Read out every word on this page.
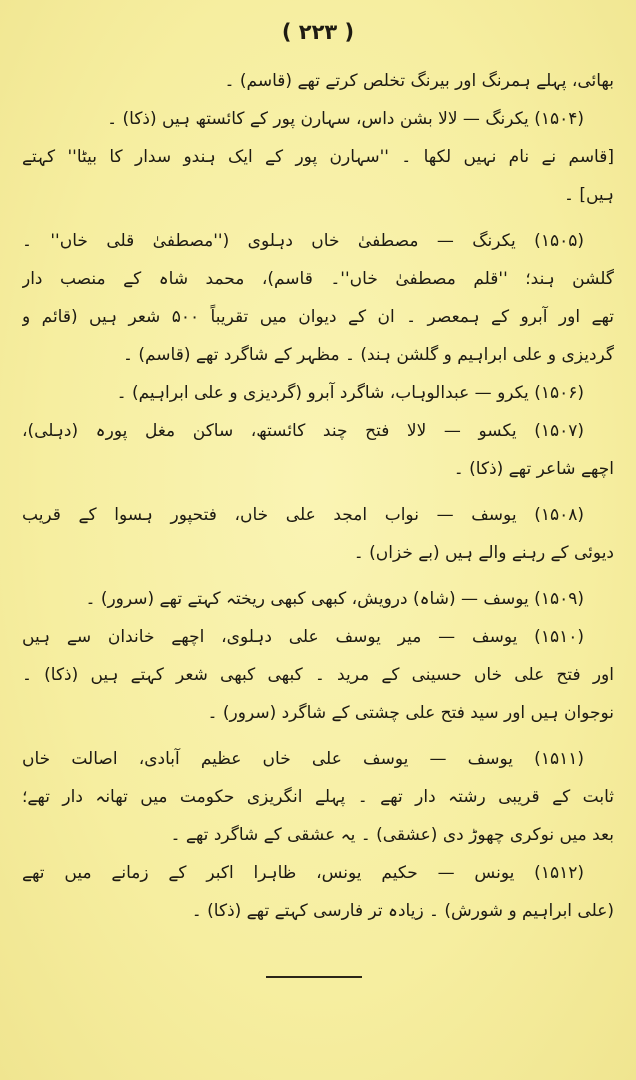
( ۲۲۳ )
بھائی، پہلے ہمرنگ اور بیرنگ تخلص کرتے تھے (قاسم) ۔
(۱۵۰۴) یکرنگ — لالا بشن داس، سہارن پور کے کائستھ ہیں (ذکا) ۔
[قاسم نے نام نہیں لکھا ۔ ''سہارن پور کے ایک ہندو سدار کا بیٹا'' کہتے
ہیں] ۔
(۱۵۰۵) یکرنگ — مصطفیٰ خاں دہلوی (''مصطفیٰ قلی خاں'' ۔
گلشن ہند؛ ''قلم مصطفیٰ خاں''۔ قاسم)، محمد شاہ کے منصب دار
تھے اور آبرو کے ہمعصر ۔ ان کے دیوان میں تقریباً ۵۰۰ شعر ہیں (قائم و
گردیزی و علی ابراہیم و گلشن ہند) ۔ مظہر کے شاگرد تھے (قاسم) ۔
(۱۵۰۶) یکرو — عبدالوہاب، شاگرد آبرو (گردیزی و علی ابراہیم) ۔
(۱۵۰۷) یکسو — لالا فتح چند کائستھ، ساکن مغل پورہ (دہلی)،
اچھے شاعر تھے (ذکا) ۔
(۱۵۰۸) یوسف — نواب امجد علی خاں، فتحپور ہسوا کے قریب
دیوئی کے رہنے والے ہیں (بے خزاں) ۔
(۱۵۰۹) یوسف — (شاہ) درویش، کبھی کبھی ریختہ کہتے تھے (سرور) ۔
(۱۵۱۰) یوسف — میر یوسف علی دہلوی، اچھے خاندان سے ہیں
اور فتح علی خاں حسینی کے مرید ۔ کبھی کبھی شعر کہتے ہیں (ذکا) ۔
نوجوان ہیں اور سید فتح علی چشتی کے شاگرد (سرور) ۔
(۱۵۱۱) یوسف — یوسف علی خاں عظیم آبادی، اصالت خاں
ثابت کے قریبی رشتہ دار تھے ۔ پہلے انگریزی حکومت میں تھانہ دار تھے؛
بعد میں نوکری چھوڑ دی (عشقی) ۔ یہ عشقی کے شاگرد تھے ۔
(۱۵۱۲) یونس — حکیم یونس، ظاہرا اکبر کے زمانے میں تھے
(علی ابراہیم و شورش) ۔ زیادہ تر فارسی کہتے تھے (ذکا) ۔
